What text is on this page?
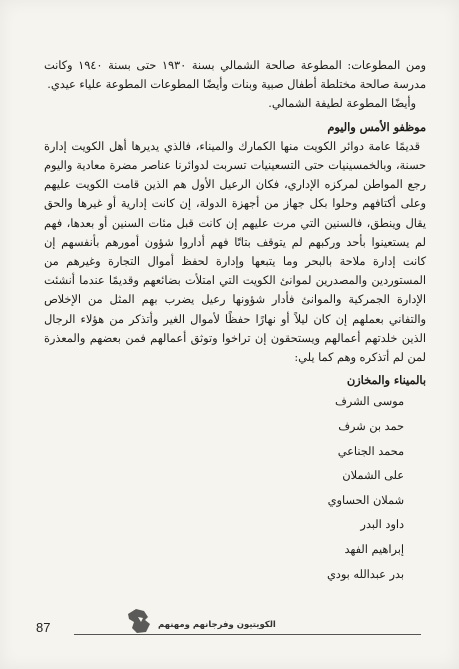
ومن المطوعات: المطوعة صالحة الشمالي بسنة ١٩٣٠ حتى بسنة ١٩٤٠ وكانت مدرسة صالحة مختلطة أطفال صبية وبنات وأيضًا المطوعات المطوعة علياء عيدي.

وأيضًا المطوعة لطيفة الشمالي.

موظفو الأمس واليوم

قديمًا عامة دوائر الكويت منها الكمارك والميناء، فالذي يديرها أهل الكويت إدارة حسنة، وبالخمسينيات حتى التسعينيات تسربت لدوائرنا عناصر مضرة معادية واليوم رجع المواطن لمركزه الإداري، فكان الرعيل الأول هم الذين قامت الكويت عليهم وعلى أكتافهم وحلوا بكل جهاز من أجهزة الدولة، إن كانت إدارية أو غيرها والحق يقال وينطق، فالسنين التي مرت عليهم إن كانت قبل مئات السنين أو بعدها، فهم لم يستعينوا بأحد وركبهم لم يتوقف بتاتًا فهم أداروا شؤون أمورهم بأنفسهم إن كانت إدارة ملاحة بالبحر وما يتبعها وإدارة لحفظ أموال التجارة وغيرهم من المستوردين والمصدرين لموانئ الكويت التي امتلأت بضائعهم وقديمًا عندما أنشئت الإدارة الجمركية والموانئ فأدار شؤونها رعيل يضرب بهم المثل من الإخلاص والتفاني بعملهم إن كان ليلاً أو نهارًا حفظًا لأموال الغير وأتذكر من هؤلاء الرجال الذين خلدتهم أعمالهم ويستحقون إن تراخوا وتوثق أعمالهم فمن بعضهم والمعذرة لمن لم أتذكره وهم كما يلي:

بالميناء والمخازن

موسى الشرف
حمد بن شرف
محمد الجناعي
على الشملان
شملان الحساوي
داود البدر
إبراهيم الفهد
بدر عبدالله بودي
87	الكويتيون وفرجانهم ومهنهم
